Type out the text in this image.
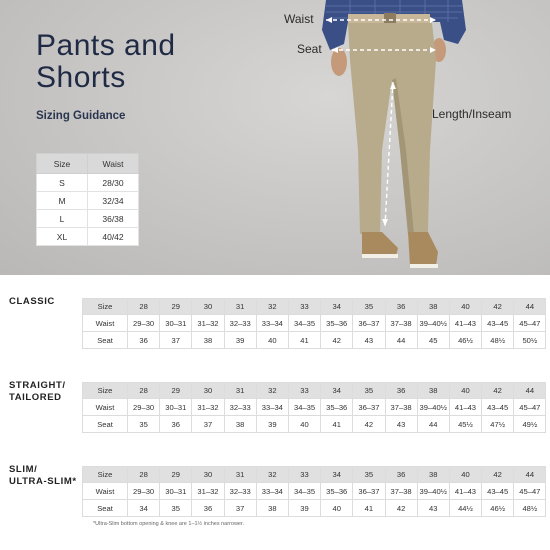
Pants and
Shorts
Sizing Guidance
Waist
Seat
Length/Inseam
Size	Waist
S	28/30
M	32/34
L	36/38
XL	40/42
CLASSIC	Size	28	29	30	31	32	33	34	35	36	38	40	42	44
Waist	29–30	30–31	31–32	32–33	33–34	34–35	35–36	36–37	37–38	39–40½	41–43	43–45	45–47
Seat	36	37	38	39	40	41	42	43	44	45	46½	48½	50½
STRAIGHT/
TAILORED
Size	28	29	30	31	32	33	34	35	36	38	40	42	44
Waist	29–30	30–31	31–32	32–33	33–34	34–35	35–36	36–37	37–38	39–40½	41–43	43–45	45–47
Seat	35	36	37	38	39	40	41	42	43	44	45½	47½	49½
SLIM/
ULTRA-SLIM*
Size	28	29	30	31	32	33	34	35	36	38	40	42	44
Waist	29–30	30–31	31–32	32–33	33–34	34–35	35–36	36–37	37–38	39–40½	41–43	43–45	45–47
Seat	34	35	36	37	38	39	40	41	42	43	44½	46½	48½
*Ultra-Slim bottom opening & knee are 1–1½ inches narrower.
